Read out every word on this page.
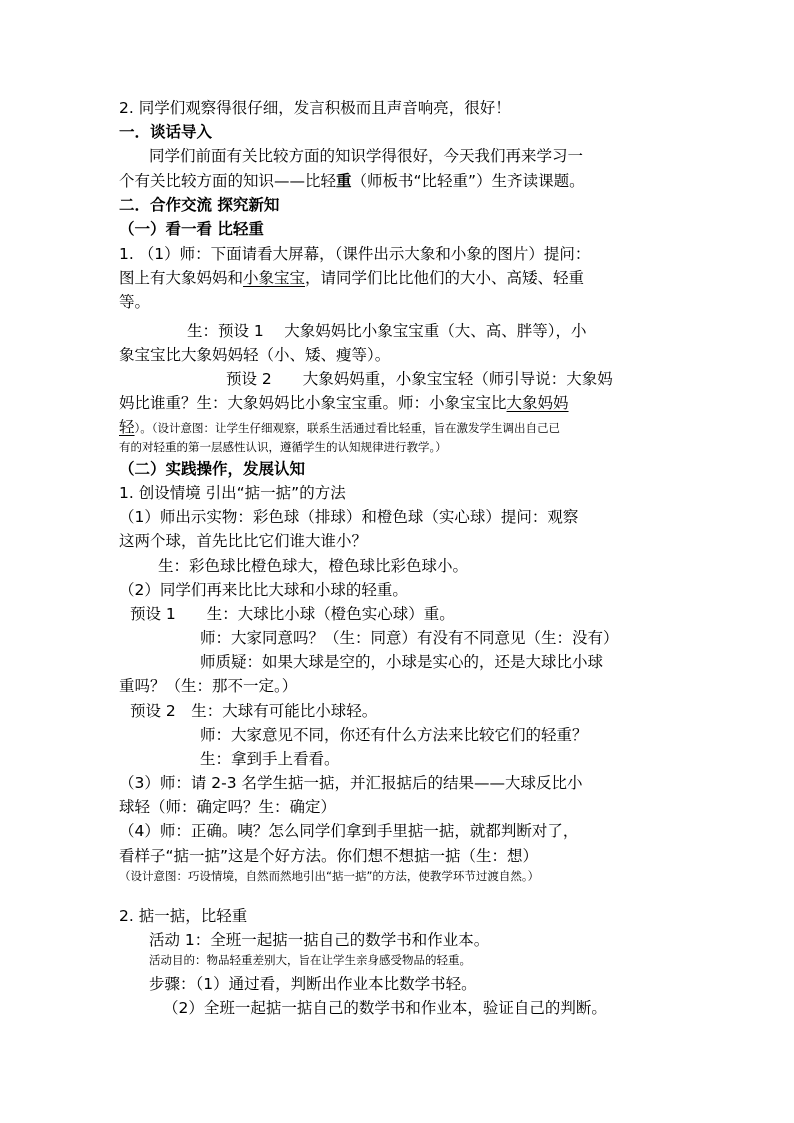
2. 同学们观察得很仔细，发言积极而且声音响亮，很好！
一．谈话导入
同学们前面有关比较方面的知识学得很好，今天我们再来学习一
个有关比较方面的知识——比轻重（师板书“比轻重”）生齐读课题。
二．合作交流 探究新知
（一）看一看 比轻重
1. （1）师：下面请看大屏幕，（课件出示大象和小象的图片）提问：
图上有大象妈妈和小象宝宝，请同学们比比他们的大小、高矮、轻重
等。
生：预设 1　 大象妈妈比小象宝宝重（大、高、胖等），小
象宝宝比大象妈妈轻（小、矮、瘦等）。
预设 2　　大象妈妈重，小象宝宝轻（师引导说：大象妈
妈比谁重？生：大象妈妈比小象宝宝重。师：小象宝宝比大象妈妈
轻）。（设计意图：让学生仔细观察，联系生活通过看比轻重，旨在激发学生调出自己已
有的对轻重的第一层感性认识，遵循学生的认知规律进行教学。）
（二）实践操作，发展认知
1. 创设情境 引出“掂一掂”的方法
（1）师出示实物：彩色球（排球）和橙色球（实心球）提问：观察
这两个球，首先比比它们谁大谁小？
生：彩色球比橙色球大，橙色球比彩色球小。
（2）同学们再来比比大球和小球的轻重。
预设 1　　生：大球比小球（橙色实心球）重。
师：大家同意吗？（生：同意）有没有不同意见（生：没有）
师质疑：如果大球是空的，小球是实心的，还是大球比小球
重吗？（生：那不一定。）
预设 2　生：大球有可能比小球轻。
师：大家意见不同，你还有什么方法来比较它们的轻重？
生：拿到手上看看。
（3）师：请 2-3 名学生掂一掂，并汇报掂后的结果——大球反比小
球轻（师：确定吗？生：确定）
（4）师：正确。咦？怎么同学们拿到手里掂一掂，就都判断对了，
看样子“掂一掂”这是个好方法。你们想不想掂一掂（生：想）
（设计意图：巧设情境，自然而然地引出“掂一掂”的方法，使教学环节过渡自然。）
2. 掂一掂，比轻重
活动 1：全班一起掂一掂自己的数学书和作业本。
活动目的：物品轻重差别大，旨在让学生亲身感受物品的轻重。
步骤：（1）通过看，判断出作业本比数学书轻。
（2）全班一起掂一掂自己的数学书和作业本，验证自己的判断。
